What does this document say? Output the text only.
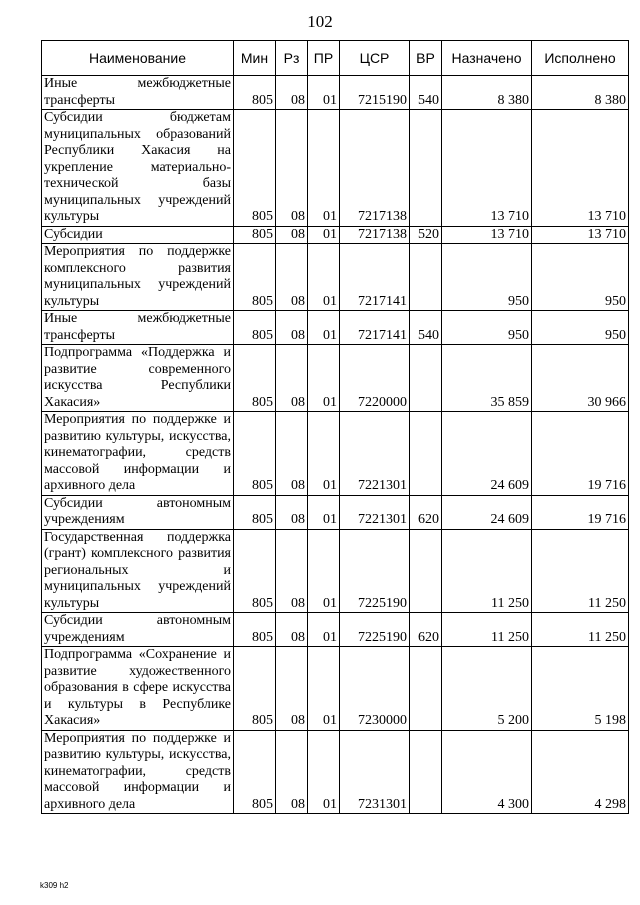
102
Наименование	Мин	Рз	ПР	ЦСР	ВР	Назначено	Исполнено
Иные межбюджетные трансферты	805	08	01	7215190	540	8 380	8 380
Субсидии бюджетам муниципальных образований Республики Хакасия на укрепление материально-технической базы муниципальных учреждений культуры	805	08	01	7217138		13 710	13 710
Субсидии	805	08	01	7217138	520	13 710	13 710
Мероприятия по поддержке комплексного развития муниципальных учреждений культуры	805	08	01	7217141		950	950
Иные межбюджетные трансферты	805	08	01	7217141	540	950	950
Подпрограмма «Поддержка и развитие современного искусства Республики Хакасия»	805	08	01	7220000		35 859	30 966
Мероприятия по поддержке и развитию культуры, искусства, кинематографии, средств массовой информации и архивного дела	805	08	01	7221301		24 609	19 716
Субсидии автономным учреждениям	805	08	01	7221301	620	24 609	19 716
Государственная поддержка (грант) комплексного развития региональных и муниципальных учреждений культуры	805	08	01	7225190		11 250	11 250
Субсидии автономным учреждениям	805	08	01	7225190	620	11 250	11 250
Подпрограмма «Сохранение и развитие художественного образования в сфере искусства и культуры в Республике Хакасия»	805	08	01	7230000		5 200	5 198
Мероприятия по поддержке и развитию культуры, искусства, кинематографии, средств массовой информации и архивного дела	805	08	01	7231301		4 300	4 298
k309 h2
